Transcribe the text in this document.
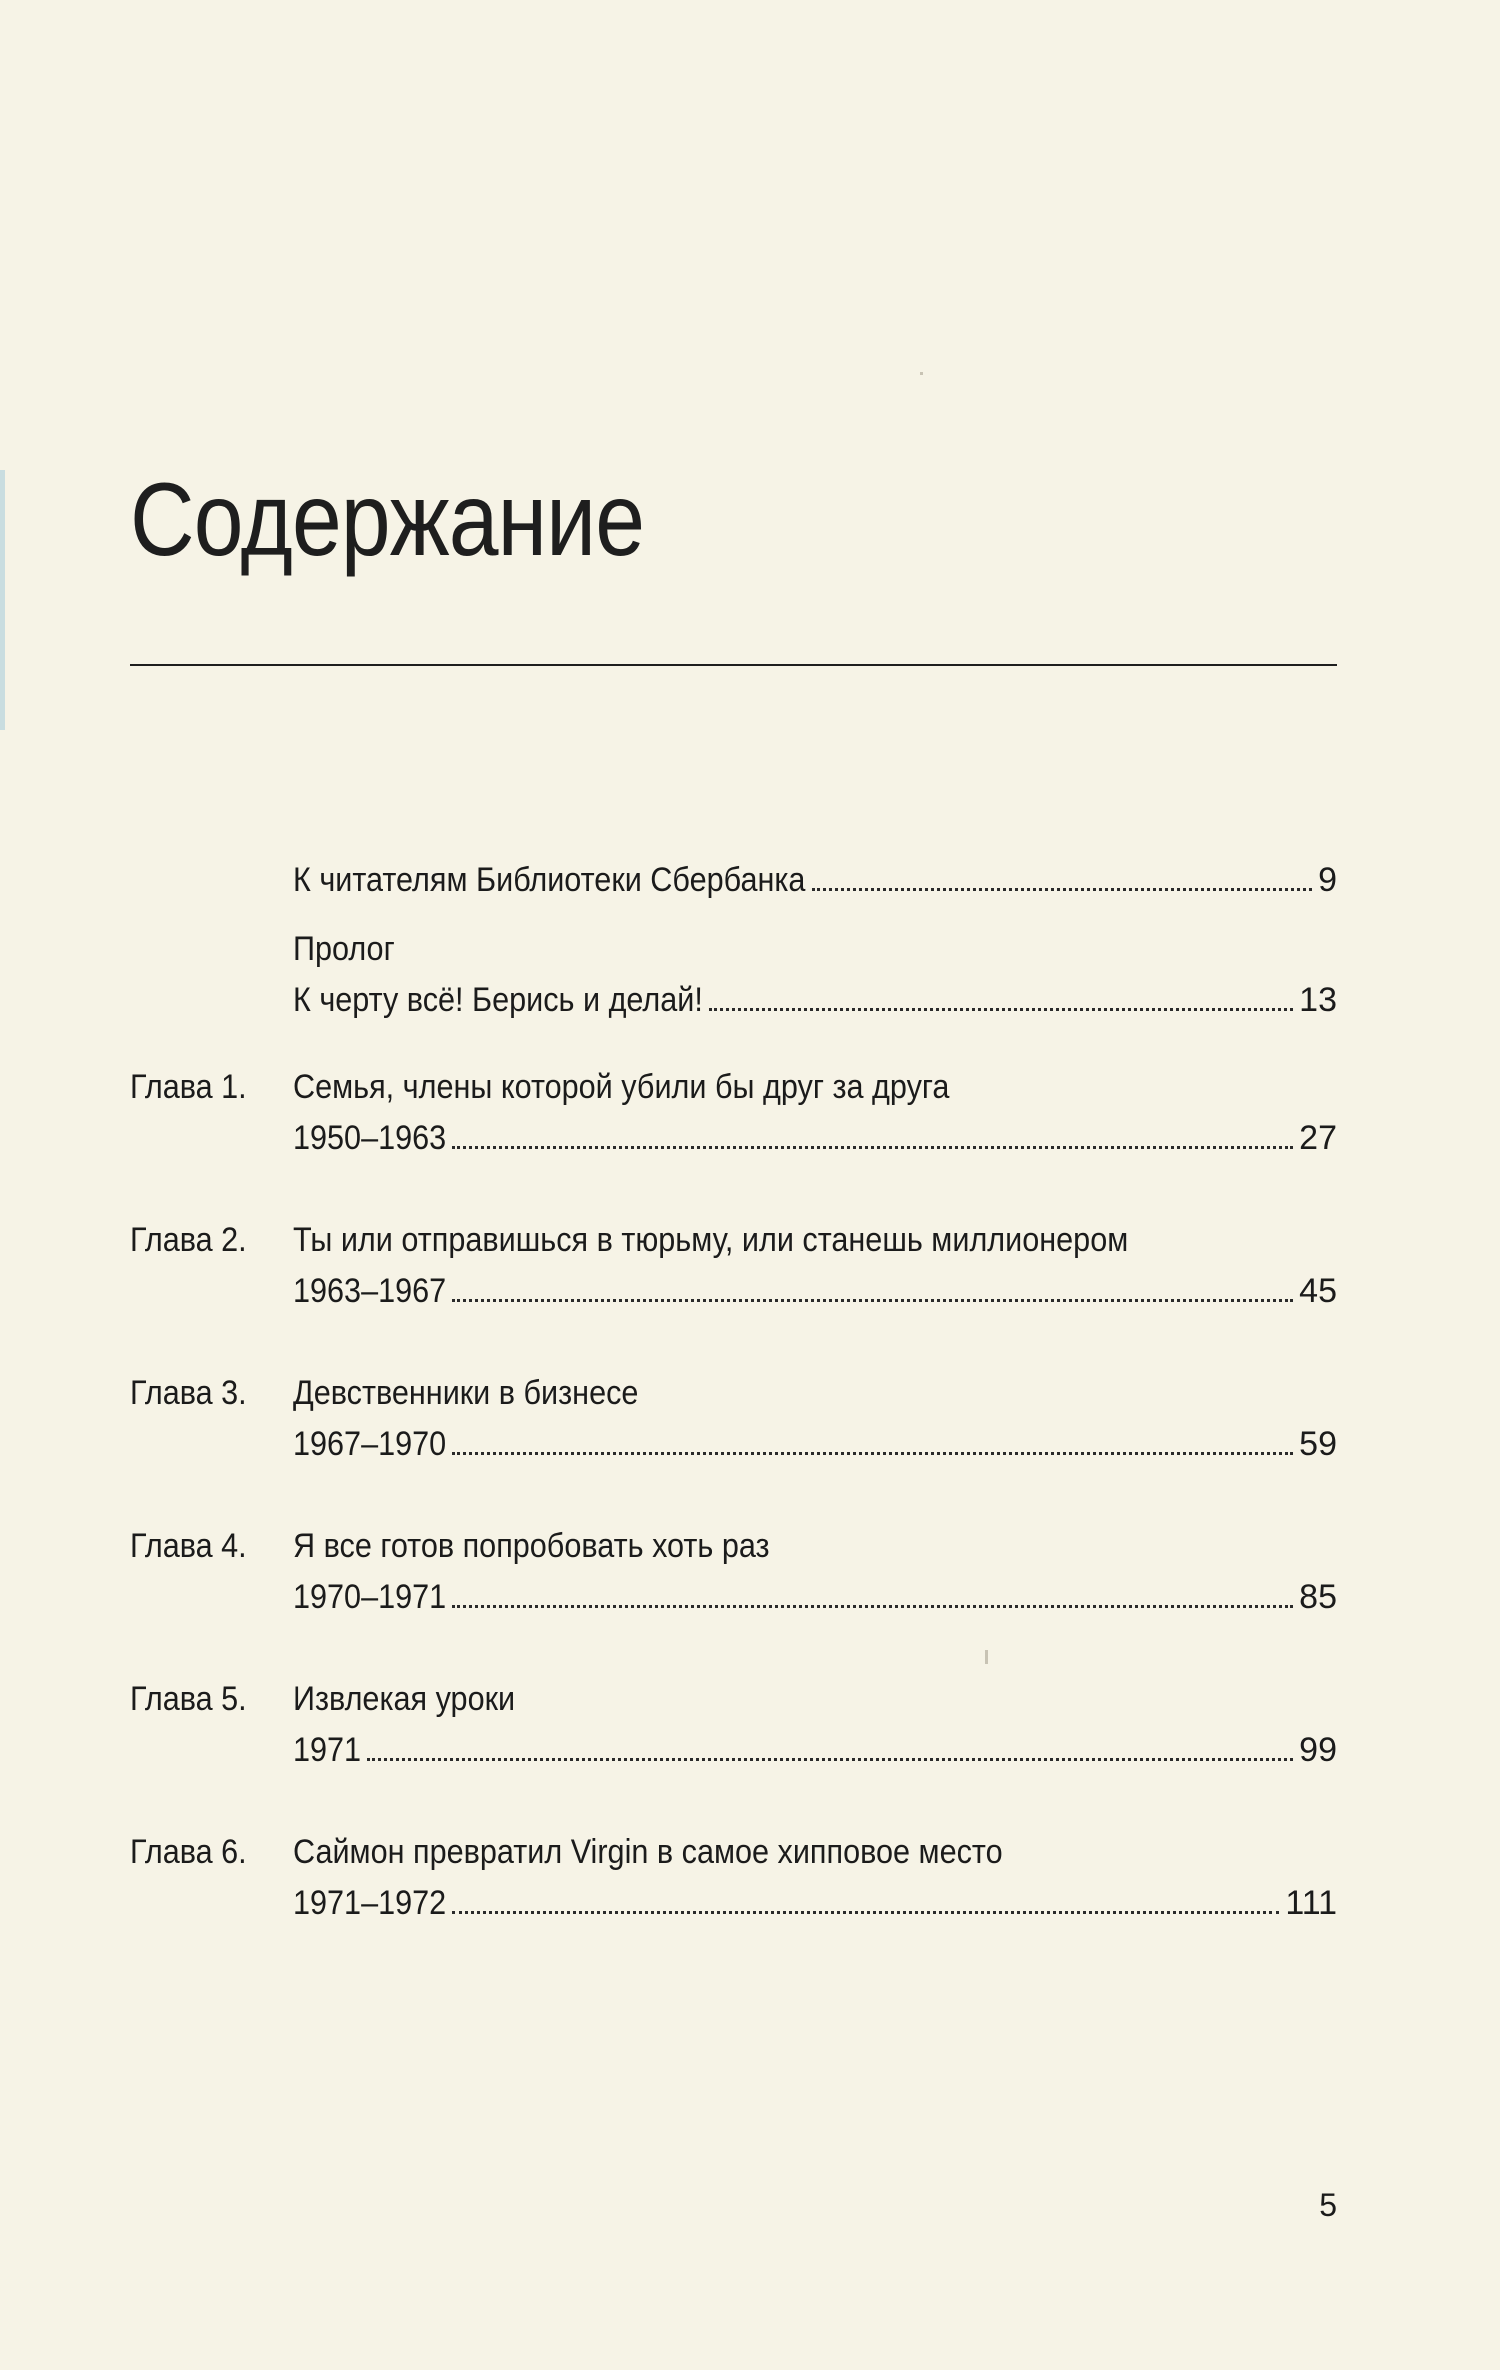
Содержание
К читателям Библиотеки Сбербанка	9
Пролог
К черту всё! Берись и делай!	13
Глава 1.	Семья, члены которой убили бы друг за друга
1950–1963	27
Глава 2.	Ты или отправишься в тюрьму, или станешь миллионером
1963–1967	45
Глава 3.	Девственники в бизнесе
1967–1970	59
Глава 4.	Я все готов попробовать хоть раз
1970–1971	85
Глава 5.	Извлекая уроки
1971	99
Глава 6.	Саймон превратил Virgin в самое хипповое место
1971–1972	111
5
